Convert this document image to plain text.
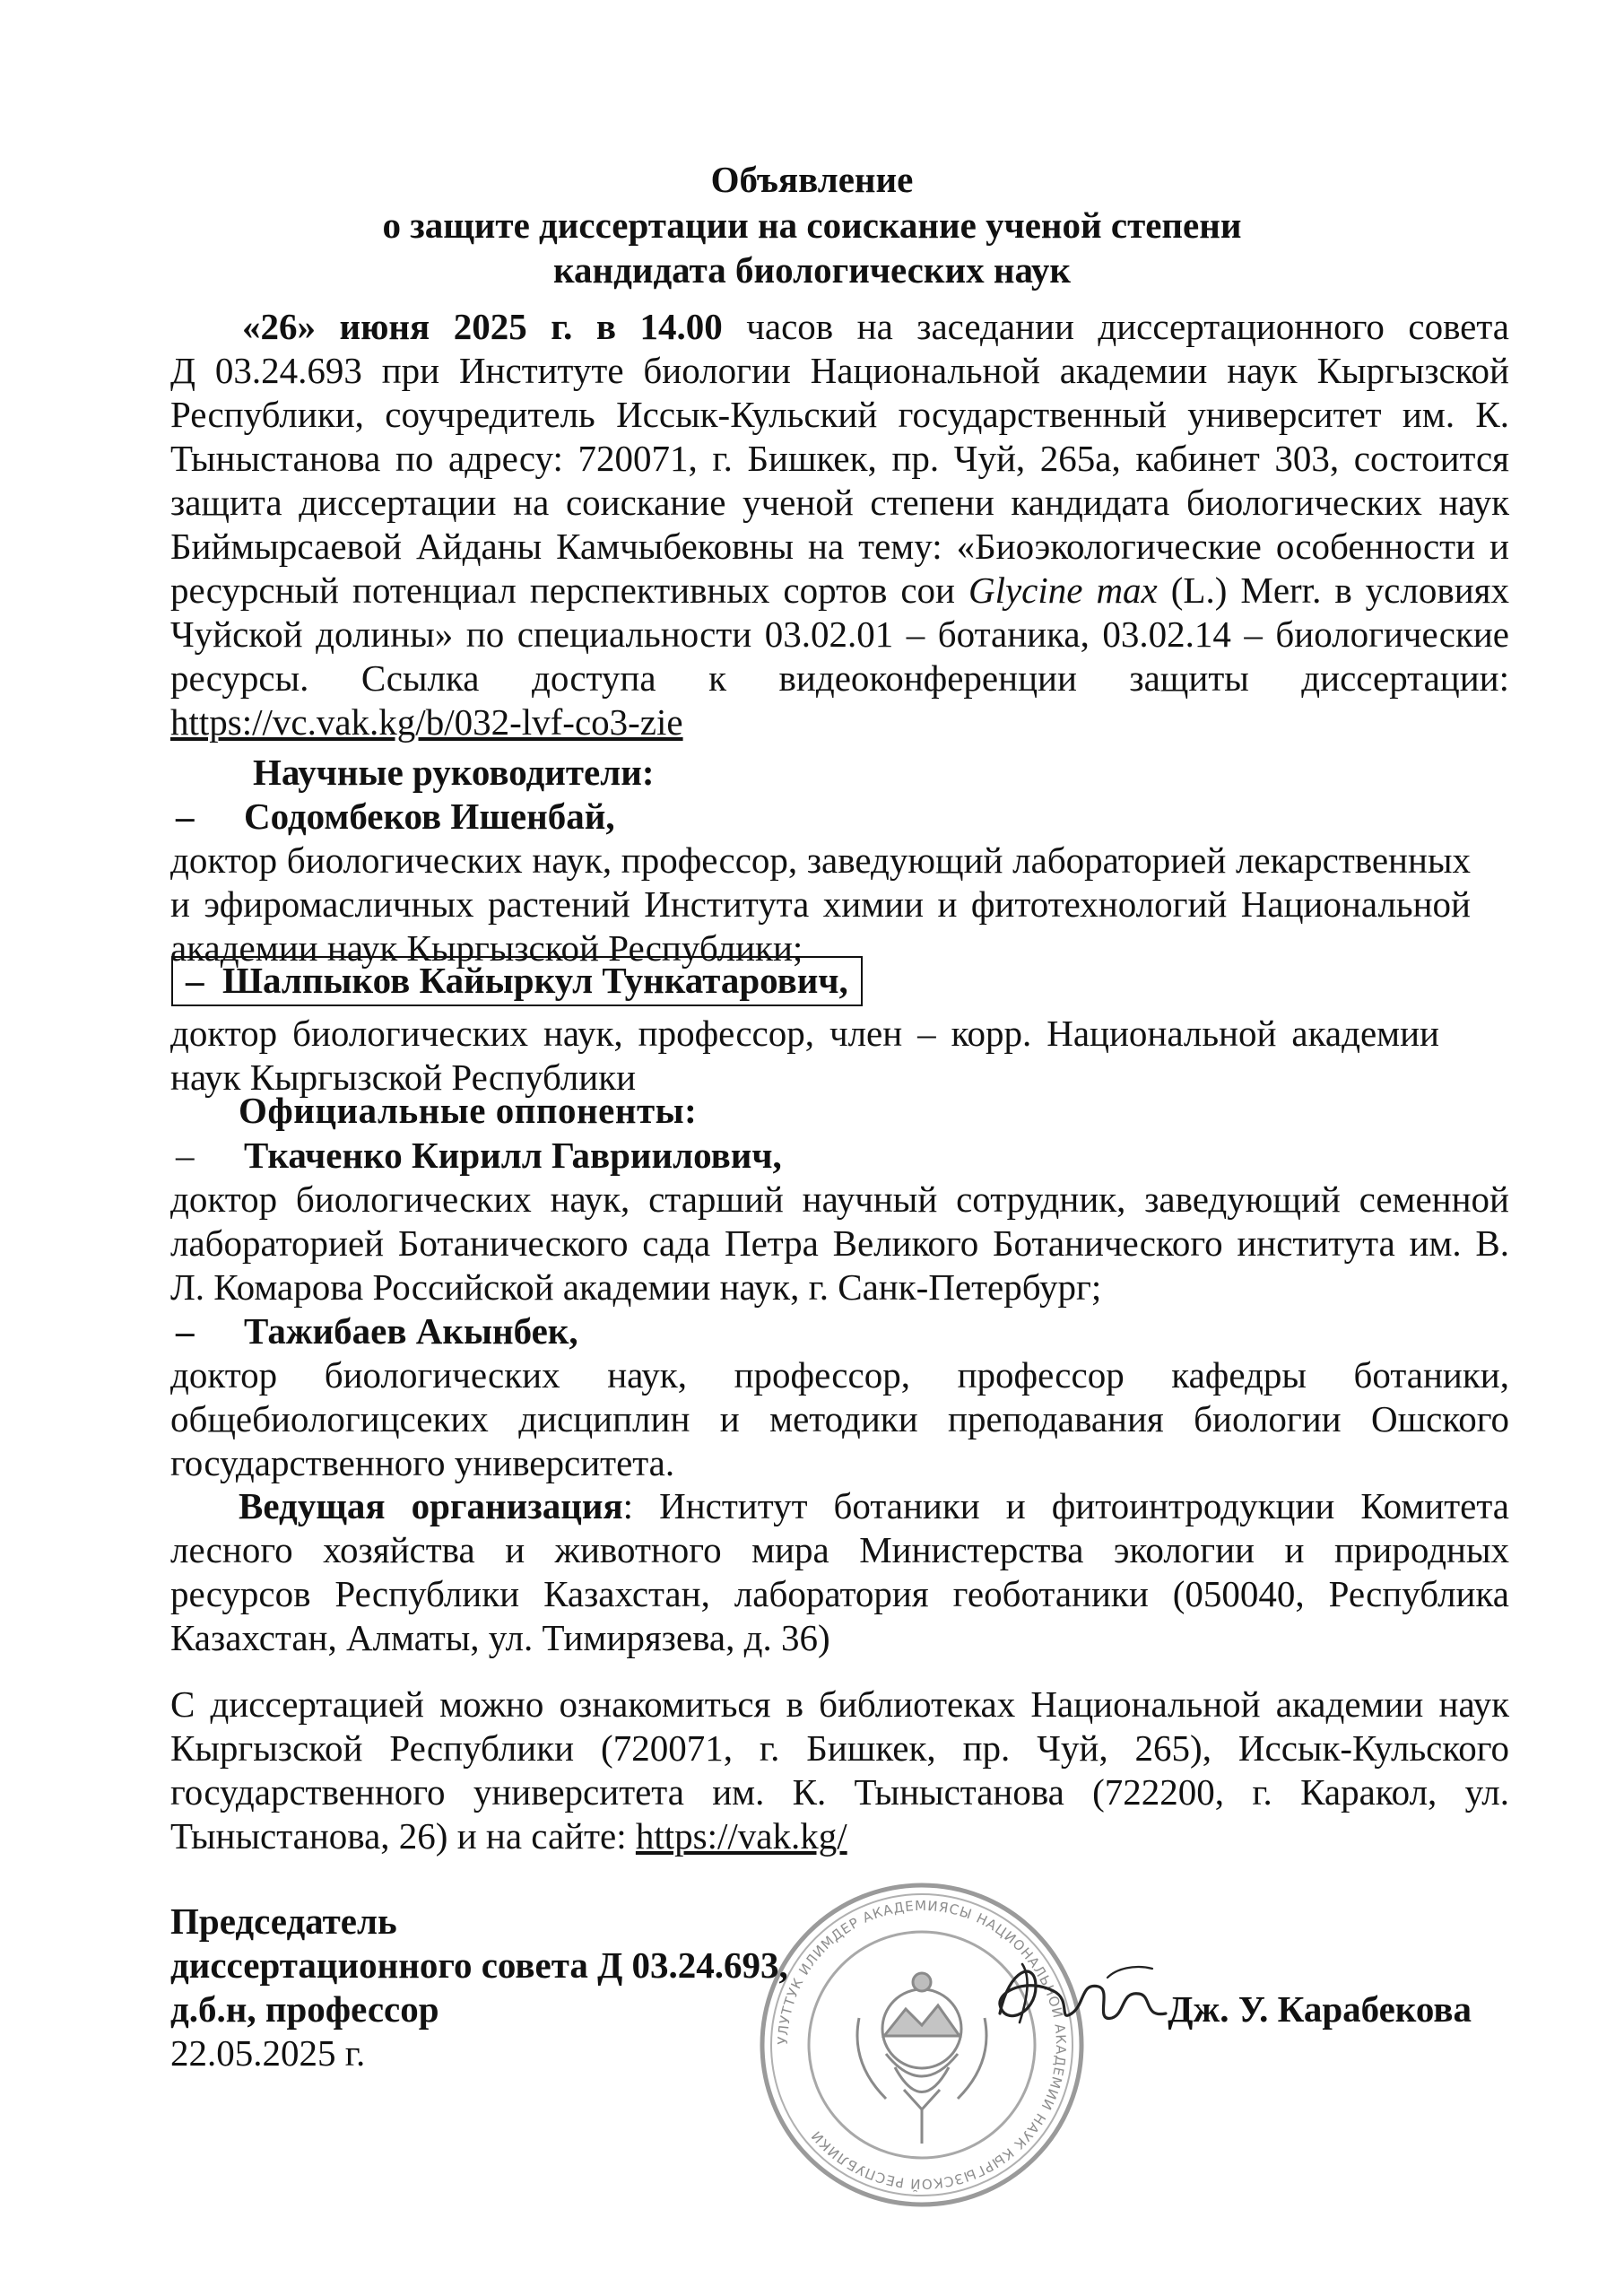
Объявление
о защите диссертации на соискание ученой степени
кандидата биологических наук
«26» июня 2025 г. в 14.00 часов на заседании диссертационного совета
Д 03.24.693 при Институте биологии Национальной академии наук Кыргызской
Республики, соучредитель Иссык-Кульский государственный университет им. К.
Тыныстанова по адресу: 720071, г. Бишкек, пр. Чуй, 265а, кабинет 303, состоится
защита диссертации на соискание ученой степени кандидата биологических наук
Биймырсаевой Айданы Камчыбековны на тему: «Биоэкологические особенности и
ресурсный потенциал перспективных сортов сои Glycine max (L.) Merr. в условиях
Чуйской долины» по специальности 03.02.01 – ботаника, 03.02.14 – биологические
ресурсы. Ссылка доступа к видеоконференции защиты диссертации:
https://vc.vak.kg/b/032-lvf-co3-zie
Научные руководители:
– Содомбеков Ишенбай,
доктор биологических наук, профессор, заведующий лабораторией лекарственных
и эфиромасличных растений Института химии и фитотехнологий Национальной
академии наук Кыргызской Республики;
– Шалпыков Кайыркул Тункатарович,
доктор биологических наук, профессор, член – корр. Национальной академии
наук Кыргызской Республики
Официальные оппоненты:
– Ткаченко Кирилл Гавриилович,
доктор биологических наук, старший научный сотрудник, заведующий семенной
лабораторией Ботанического сада Петра Великого Ботанического института им. В.
Л. Комарова Российской академии наук, г. Санк-Петербург;
– Тажибаев Акынбек,
доктор биологических наук, профессор, профессор кафедры ботаники,
общебиологицсеких дисциплин и методики преподавания биологии Ошского
государственного университета.
Ведущая организация: Институт ботаники и фитоинтродукции Комитета
лесного хозяйства и животного мира Министерства экологии и природных
ресурсов Республики Казахстан, лаборатория геоботаники (050040, Республика
Казахстан, Алматы, ул. Тимирязева, д. 36)
С диссертацией можно ознакомиться в библиотеках Национальной академии наук
Кыргызской Республики (720071, г. Бишкек, пр. Чуй, 265), Иссык-Кульского
государственного университета им. К. Тыныстанова (722200, г. Каракол, ул.
Тыныстанова, 26) и на сайте: https://vak.kg/
УЛУТТУК ИЛИМДЕР АКАДЕМИЯСЫ НАЦИОНАЛЬНОЙ АКАДЕМИИ НАУК КЫРГЫЗСКОЙ РЕСПУБЛИКИ
Председатель
диссертационного совета Д 03.24.693,
д.б.н, профессор
22.05.2025 г.
Дж. У. Карабекова
